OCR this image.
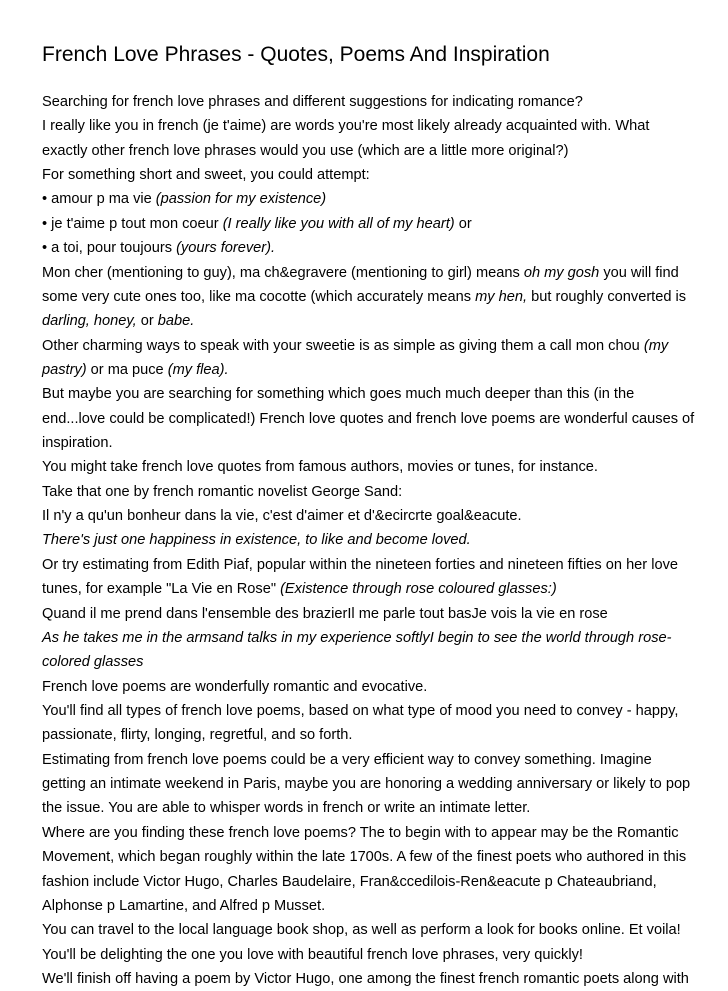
French Love Phrases - Quotes, Poems And Inspiration
Searching for french love phrases and different suggestions for indicating romance?
I really like you in french (je t'aime) are words you're most likely already acquainted with. What
exactly other french love phrases would you use (which are a little more original?)
For something short and sweet, you could attempt:
• amour p ma vie (passion for my existence)
• je t'aime p tout mon coeur (I really like you with all of my heart) or
• a toi, pour toujours (yours forever).
Mon cher (mentioning to guy), ma ch&egravere (mentioning to girl) means oh my gosh you will find
some very cute ones too, like ma cocotte (which accurately means my hen, but roughly converted is
darling, honey, or babe.
Other charming ways to speak with your sweetie is as simple as giving them a call mon chou (my
pastry) or ma puce (my flea).
But maybe you are searching for something which goes much much deeper than this (in the
end...love could be complicated!) French love quotes and french love poems are wonderful causes of
inspiration.
You might take french love quotes from famous authors, movies or tunes, for instance.
Take that one by french romantic novelist George Sand:
Il n'y a qu'un bonheur dans la vie, c'est d'aimer et d'&ecircrte goal&eacute.
There's just one happiness in existence, to like and become loved.
Or try estimating from Edith Piaf, popular within the nineteen forties and nineteen fifties on her love
tunes, for example "La Vie en Rose" (Existence through rose coloured glasses:)
Quand il me prend dans l'ensemble des brazierIl me parle tout basJe vois la vie en rose
As he takes me in the armsand talks in my experience softlyI begin to see the world through rose-
colored glasses
French love poems are wonderfully romantic and evocative.
You'll find all types of french love poems, based on what type of mood you need to convey - happy,
passionate, flirty, longing, regretful, and so forth.
Estimating from french love poems could be a very efficient way to convey something. Imagine
getting an intimate weekend in Paris, maybe you are honoring a wedding anniversary or likely to pop
the issue. You are able to whisper words in french or write an intimate letter.
Where are you finding these french love poems? The to begin with to appear may be the Romantic
Movement, which began roughly within the late 1700s. A few of the finest poets who authored in this
fashion include Victor Hugo, Charles Baudelaire, Fran&ccedilois-Ren&eacute p Chateaubriand,
Alphonse p Lamartine, and Alfred p Musset.
You can travel to the local language book shop, as well as perform a look for books online. Et voila!
You'll be delighting the one you love with beautiful french love phrases, very quickly!
We'll finish off having a poem by Victor Hugo, one among the finest french romantic poets along with
